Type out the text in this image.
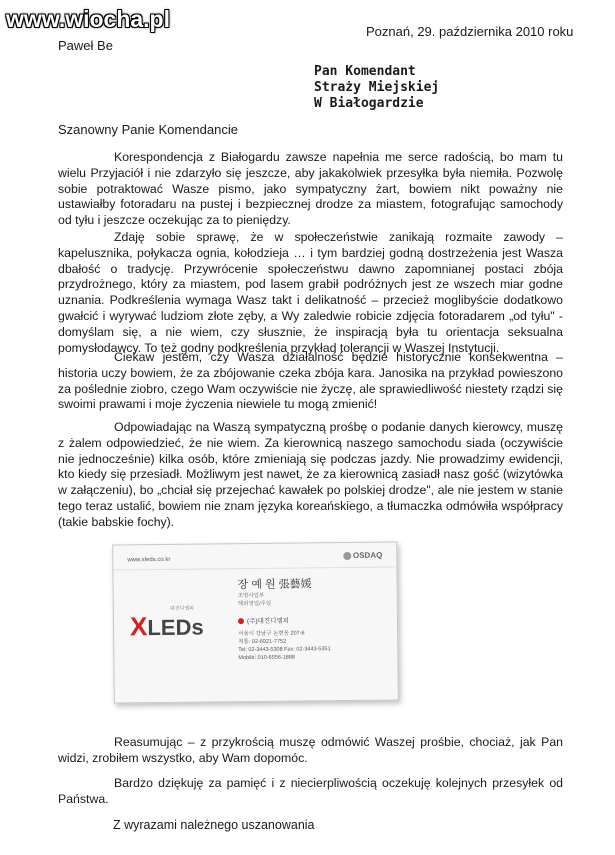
www.wiocha.pl	Poznań, 29. października 2010 roku
Paweł Be
Pan Komendant
Straży Miejskiej
W Białogardzie
Szanowny Panie Komendancie

Korespondencja z Białogardu zawsze napełnia me serce radością, bo mam tu wielu Przyjaciół i nie zdarzyło się jeszcze, aby jakakolwiek przesyłka była niemiła. Pozwolę sobie potraktować Wasze pismo, jako sympatyczny żart, bowiem nikt poważny nie ustawiałby fotoradaru na pustej i bezpiecznej drodze za miastem, fotografując samochody od tyłu i jeszcze oczekując za to pieniędzy.

Zdaję sobie sprawę, że w społeczeństwie zanikają rozmaite zawody – kapelusznika, połykacza ognia, kołodzieja … i tym bardziej godną dostrzeżenia jest Wasza dbałość o tradycję. Przywrócenie społeczeństwu dawno zapomnianej postaci zbója przydrożnego, który za miastem, pod lasem grabił podróżnych jest ze wszech miar godne uznania. Podkreślenia wymaga Wasz takt i delikatność – przecież moglibyście dodatkowo gwałcić i wyrywać ludziom złote zęby, a Wy zaledwie robicie zdjęcia fotoradarem „od tyłu" - domyślam się, a nie wiem, czy słusznie, że inspiracją była tu orientacja seksualna pomysłodawcy. To też godny podkreślenia przykład tolerancji w Waszej Instytucji.

Ciekaw jestem, czy Wasza działalność będzie historycznie konsekwentna – historia uczy bowiem, że za zbójowanie czeka zbója kara. Janosika na przykład powieszono za poślednie ziobro, czego Wam oczywiście nie życzę, ale sprawiedliwość niestety rządzi się swoimi prawami i moje życzenia niewiele tu mogą zmienić!

Odpowiadając na Waszą sympatyczną prośbę o podanie danych kierowcy, muszę z żalem odpowiedzieć, że nie wiem. Za kierownicą naszego samochodu siada (oczywiście nie jednocześnie) kilka osób, które zmieniają się podczas jazdy. Nie prowadzimy ewidencji, kto kiedy się przesiadł. Możliwym jest nawet, że za kierownicą zasiadł nasz gość (wizytówka w załączeniu), bo „chciał się przejechać kawałek po polskiej drodze", ale nie jestem w stanie tego teraz ustalić, bowiem nie znam języka koreańskiego, a tłumaczka odmówiła współpracy (takie babskie fochy).

www.xleds.co.kr
OSDAQ
대진디엠피
XLEDs
장 예 원 張藝媛
조명사업부
해외영업/주임
(주)대진디엠피
서울시 강남구 논현동 207-6
직통: 02-6921-7752
Tel: 02-3443-5308 Fax: 02-3443-5351
Mobile: 010-6556-1888

Reasumując – z przykrością muszę odmówić Waszej prośbie, chociaż, jak Pan widzi, zrobiłem wszystko, aby Wam dopomóc.

Bardzo dziękuję za pamięć i z niecierpliwością oczekuję kolejnych przesyłek od Państwa.

Z wyrazami należnego uszanowania
